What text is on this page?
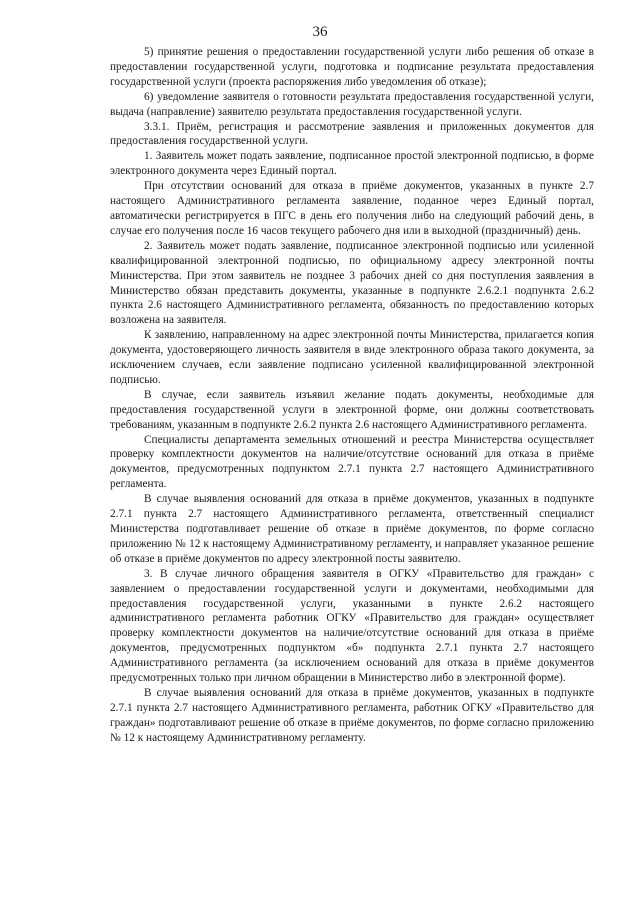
36

5) принятие решения о предоставлении государственной услуги либо решения об отказе в предоставлении государственной услуги, подготовка и подписание результата предоставления государственной услуги (проекта распоряжения либо уведомления об отказе);

6) уведомление заявителя о готовности результата предоставления государственной услуги, выдача (направление) заявителю результата предоставления государственной услуги.

3.3.1. Приём, регистрация и рассмотрение заявления и приложенных документов для предоставления государственной услуги.

1. Заявитель может подать заявление, подписанное простой электронной подписью, в форме электронного документа через Единый портал.

При отсутствии оснований для отказа в приёме документов, указанных в пункте 2.7 настоящего Административного регламента заявление, поданное через Единый портал, автоматически регистрируется в ПГС в день его получения либо на следующий рабочий день, в случае его получения после 16 часов текущего рабочего дня или в выходной (праздничный) день.

2. Заявитель может подать заявление, подписанное электронной подписью или усиленной квалифицированной электронной подписью, по официальному адресу электронной почты Министерства. При этом заявитель не позднее 3 рабочих дней со дня поступления заявления в Министерство обязан представить документы, указанные в подпункте 2.6.2.1 подпункта 2.6.2 пункта 2.6 настоящего Административного регламента, обязанность по предоставлению которых возложена на заявителя.

К заявлению, направленному на адрес электронной почты Министерства, прилагается копия документа, удостоверяющего личность заявителя в виде электронного образа такого документа, за исключением случаев, если заявление подписано усиленной квалифицированной электронной подписью.

В случае, если заявитель изъявил желание подать документы, необходимые для предоставления государственной услуги в электронной форме, они должны соответствовать требованиям, указанным в подпункте 2.6.2 пункта 2.6 настоящего Административного регламента.

Специалисты департамента земельных отношений и реестра Министерства осуществляет проверку комплектности документов на наличие/отсутствие оснований для отказа в приёме документов, предусмотренных подпунктом 2.7.1 пункта 2.7 настоящего Административного регламента.

В случае выявления оснований для отказа в приёме документов, указанных в подпункте 2.7.1 пункта 2.7 настоящего Административного регламента, ответственный специалист Министерства подготавливает решение об отказе в приёме документов, по форме согласно приложению № 12 к настоящему Административному регламенту, и направляет указанное решение об отказе в приёме документов по адресу электронной посты заявителю.

3. В случае личного обращения заявителя в ОГКУ «Правительство для граждан» с заявлением о предоставлении государственной услуги и документами, необходимыми для предоставления государственной услуги, указанными в пункте 2.6.2 настоящего административного регламента работник ОГКУ «Правительство для граждан» осуществляет проверку комплектности документов на наличие/отсутствие оснований для отказа в приёме документов, предусмотренных подпунктом «б» подпункта 2.7.1 пункта 2.7 настоящего Административного регламента (за исключением оснований для отказа в приёме документов предусмотренных только при личном обращении в Министерство либо в электронной форме).

В случае выявления оснований для отказа в приёме документов, указанных в подпункте 2.7.1 пункта 2.7 настоящего Административного регламента, работник ОГКУ «Правительство для граждан» подготавливают решение об отказе в приёме документов, по форме согласно приложению № 12 к настоящему Административному регламенту.
